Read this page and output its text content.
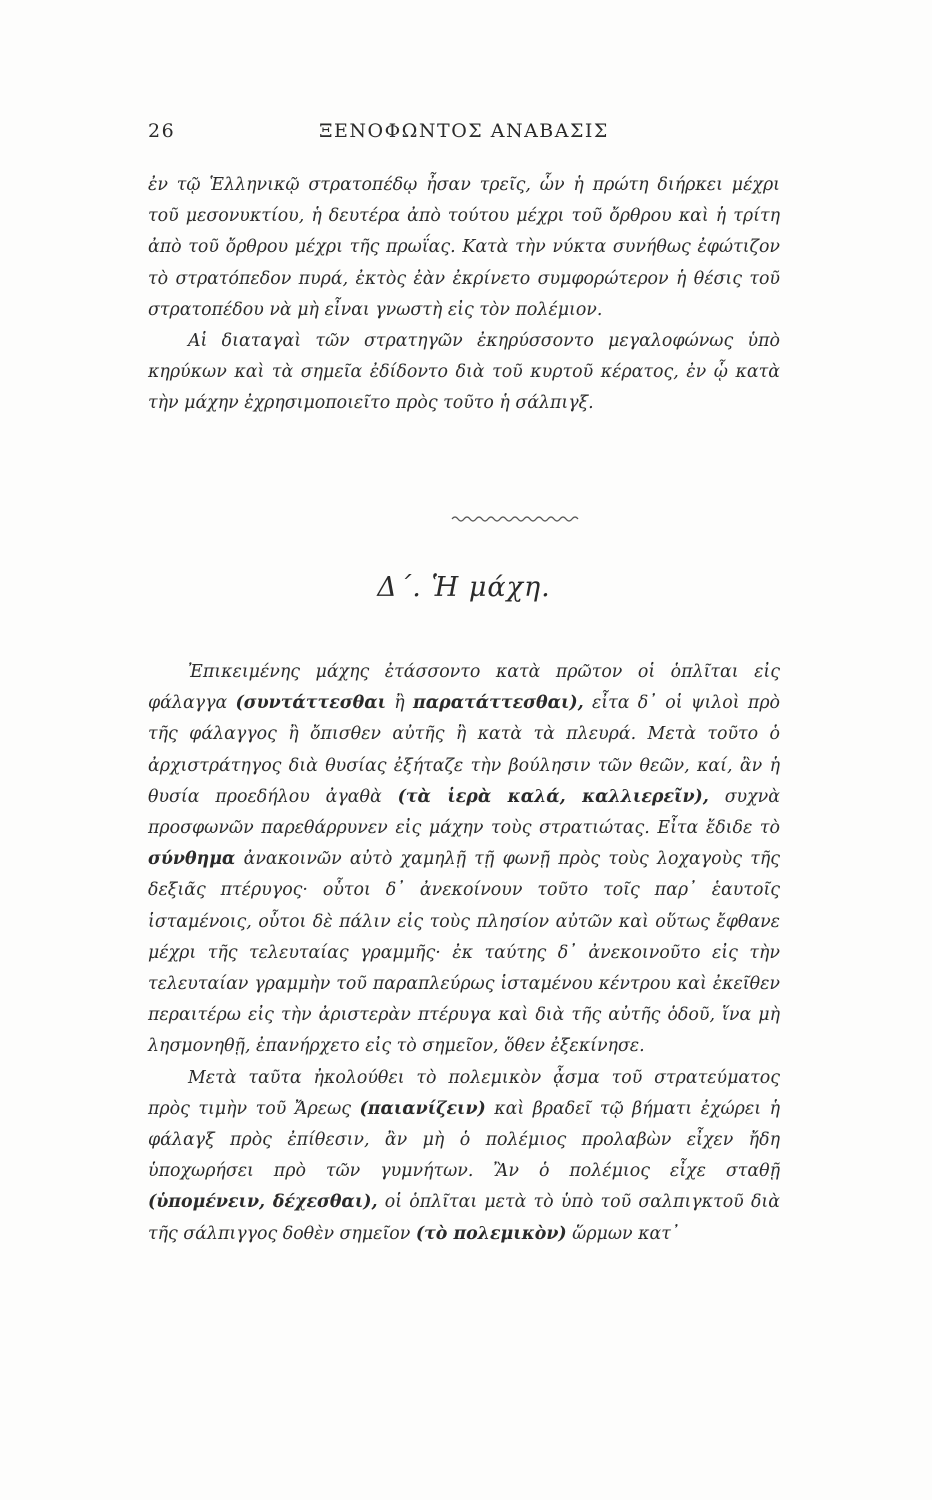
26	ΞΕΝΟΦΩΝΤΟΣ ΑΝΑΒΑΣΙΣ

ἐν τῷ Ἑλληνικῷ στρατοπέδῳ ἦσαν τρεῖς, ὧν ἡ πρώτη διήρκει μέχρι τοῦ μεσονυκτίου, ἡ δευτέρα ἀπὸ τούτου μέχρι τοῦ ὄρθρου καὶ ἡ τρίτη ἀπὸ τοῦ ὄρθρου μέχρι τῆς πρωΐας. Κατὰ τὴν νύκτα συνήθως ἐφώτιζον τὸ στρατόπεδον πυρά, ἐκτὸς ἐὰν ἐκρίνετο συμφορώτερον ἡ θέσις τοῦ στρατοπέδου νὰ μὴ εἶναι γνωστὴ εἰς τὸν πολέμιον.

Αἱ διαταγαὶ τῶν στρατηγῶν ἐκηρύσσοντο μεγαλοφώνως ὑπὸ κηρύκων καὶ τὰ σημεῖα ἐδίδοντο διὰ τοῦ κυρτοῦ κέρατος, ἐν ᾧ κατὰ τὴν μάχην ἐχρησιμοποιεῖτο πρὸς τοῦτο ἡ σάλπιγξ.

Δ΄. Ἡ μάχη.

Ἐπικειμένης μάχης ἐτάσσοντο κατὰ πρῶτον οἱ ὁπλῖται εἰς φάλαγγα (συντάττεσθαι ἢ παρατάττεσθαι), εἶτα δ᾿ οἱ ψιλοὶ πρὸ τῆς φάλαγγος ἢ ὄπισθεν αὐτῆς ἢ κατὰ τὰ πλευρά. Μετὰ τοῦτο ὁ ἀρχιστράτηγος διὰ θυσίας ἐξήταζε τὴν βούλησιν τῶν θεῶν, καί, ἂν ἡ θυσία προεδήλου ἀγαθὰ (τὰ ἱερὰ καλά, καλλιερεῖν), συχνὰ προσφωνῶν παρεθάρρυνεν εἰς μάχην τοὺς στρατιώτας. Εἶτα ἔδιδε τὸ σύνθημα ἀνακοινῶν αὐτὸ χαμηλῇ τῇ φωνῇ πρὸς τοὺς λοχαγοὺς τῆς δεξιᾶς πτέρυγος· οὗτοι δ᾿ ἀνεκοίνουν τοῦτο τοῖς παρ᾿ ἑαυτοῖς ἱσταμένοις, οὗτοι δὲ πάλιν εἰς τοὺς πλησίον αὐτῶν καὶ οὕτως ἔφθανε μέχρι τῆς τελευταίας γραμμῆς· ἐκ ταύτης δ᾿ ἀνεκοινοῦτο εἰς τὴν τελευταίαν γραμμὴν τοῦ παραπλεύρως ἱσταμένου κέντρου καὶ ἐκεῖθεν περαιτέρω εἰς τὴν ἀριστερὰν πτέρυγα καὶ διὰ τῆς αὐτῆς ὁδοῦ, ἵνα μὴ λησμονηθῇ, ἐπανήρχετο εἰς τὸ σημεῖον, ὅθεν ἐξεκίνησε.

Μετὰ ταῦτα ἠκολούθει τὸ πολεμικὸν ᾆσμα τοῦ στρατεύματος πρὸς τιμὴν τοῦ Ἄρεως (παιανίζειν) καὶ βραδεῖ τῷ βήματι ἐχώρει ἡ φάλαγξ πρὸς ἐπίθεσιν, ἂν μὴ ὁ πολέμιος προλαβὼν εἶχεν ἤδη ὑποχωρήσει πρὸ τῶν γυμνήτων. Ἂν ὁ πολέμιος εἶχε σταθῇ (ὑπομένειν, δέχεσθαι), οἱ ὁπλῖται μετὰ τὸ ὑπὸ τοῦ σαλπιγκτοῦ διὰ τῆς σάλπιγγος δοθὲν σημεῖον (τὸ πολεμικὸν) ὥρμων κατ᾿
